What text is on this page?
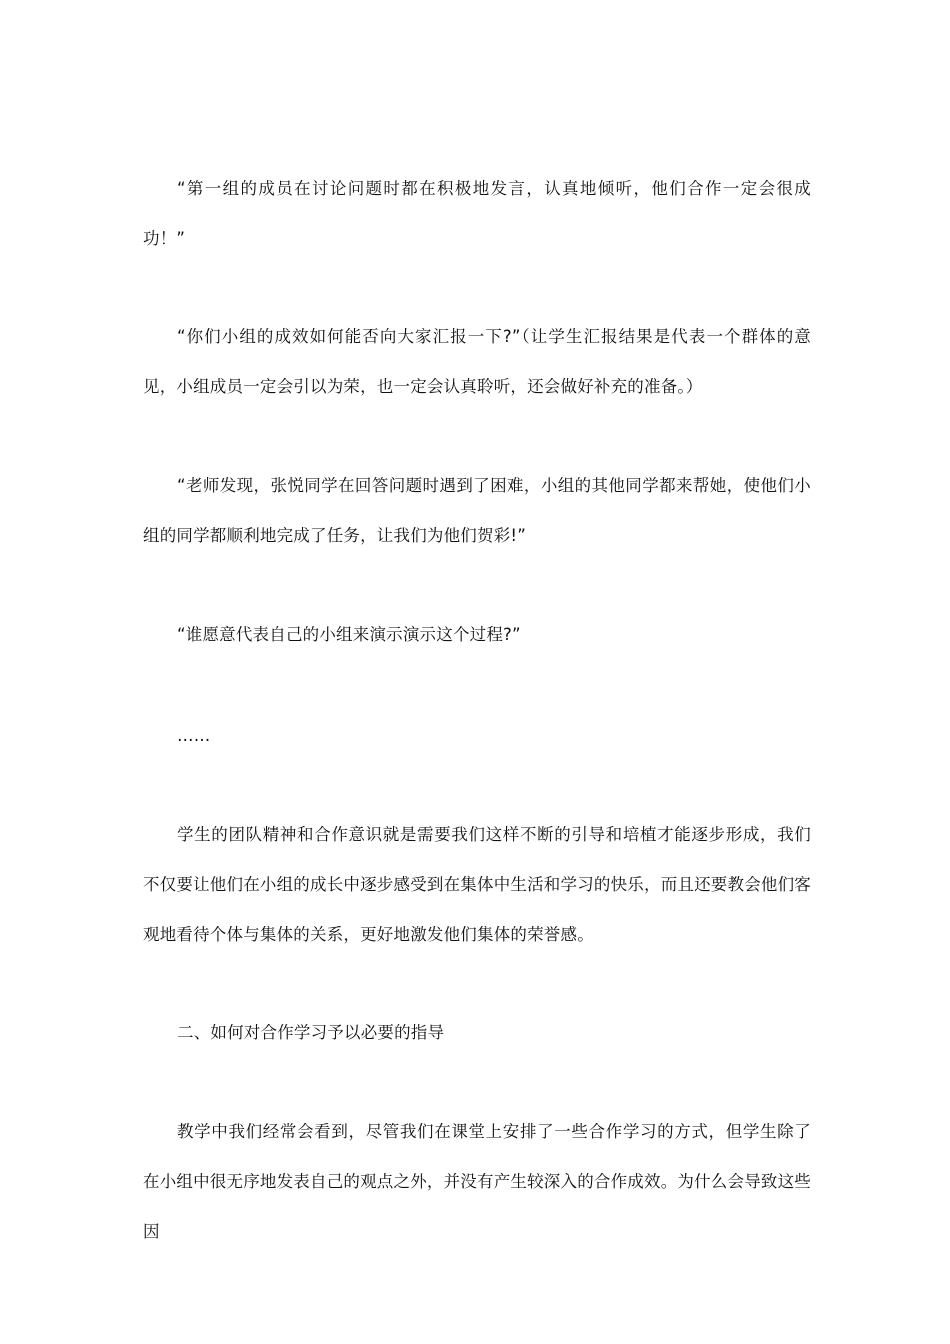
“第一组的成员在讨论问题时都在积极地发言，认真地倾听，他们合作一定会很成功！”

“你们小组的成效如何能否向大家汇报一下?”（让学生汇报结果是代表一个群体的意见，小组成员一定会引以为荣，也一定会认真聆听，还会做好补充的准备。）

“老师发现，张悦同学在回答问题时遇到了困难，小组的其他同学都来帮她，使他们小组的同学都顺利地完成了任务，让我们为他们贺彩!”

“谁愿意代表自己的小组来演示演示这个过程?”

……

学生的团队精神和合作意识就是需要我们这样不断的引导和培植才能逐步形成，我们不仅要让他们在小组的成长中逐步感受到在集体中生活和学习的快乐，而且还要教会他们客观地看待个体与集体的关系，更好地激发他们集体的荣誉感。

二、如何对合作学习予以必要的指导

教学中我们经常会看到，尽管我们在课堂上安排了一些合作学习的方式，但学生除了在小组中很无序地发表自己的观点之外，并没有产生较深入的合作成效。为什么会导致这些因
